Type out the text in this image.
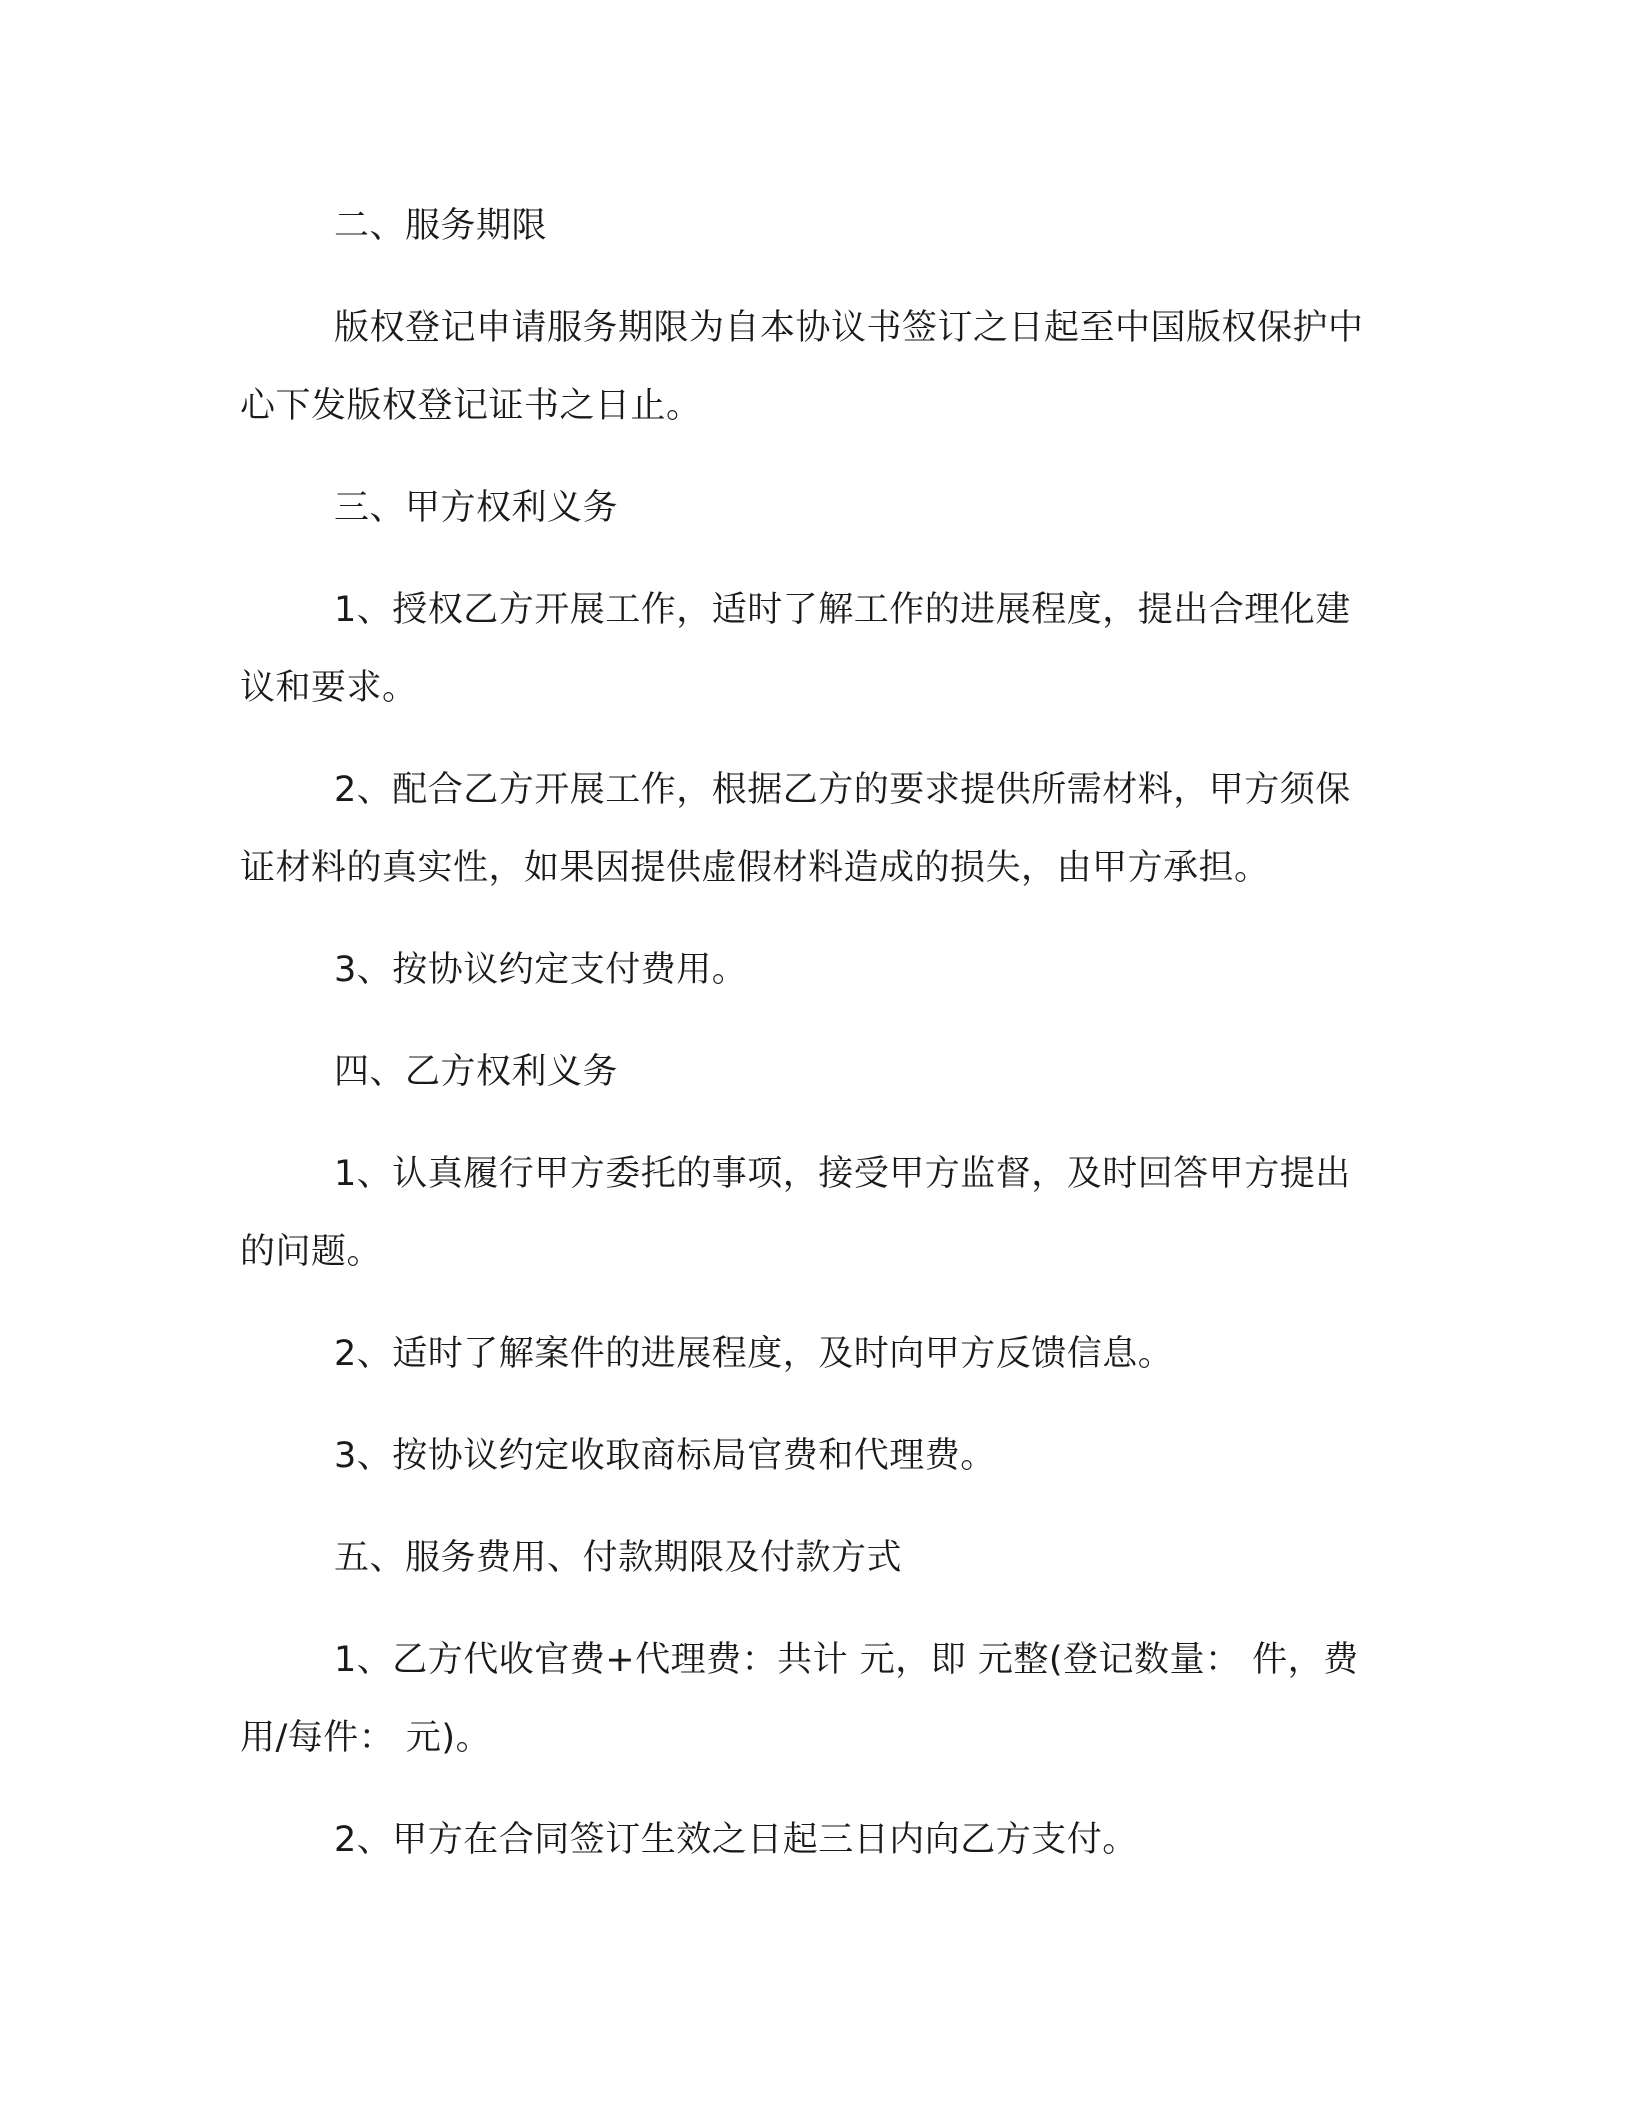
二、服务期限

版权登记申请服务期限为自本协议书签订之日起至中国版权保护中心下发版权登记证书之日止。

三、甲方权利义务

1、授权乙方开展工作，适时了解工作的进展程度，提出合理化建议和要求。

2、配合乙方开展工作，根据乙方的要求提供所需材料，甲方须保证材料的真实性，如果因提供虚假材料造成的损失，由甲方承担。

3、按协议约定支付费用。

四、乙方权利义务

1、认真履行甲方委托的事项，接受甲方监督，及时回答甲方提出的问题。

2、适时了解案件的进展程度，及时向甲方反馈信息。

3、按协议约定收取商标局官费和代理费。

五、服务费用、付款期限及付款方式

1、乙方代收官费+代理费：共计 元，即 元整(登记数量： 件，费用/每件： 元)。

2、甲方在合同签订生效之日起三日内向乙方支付。
